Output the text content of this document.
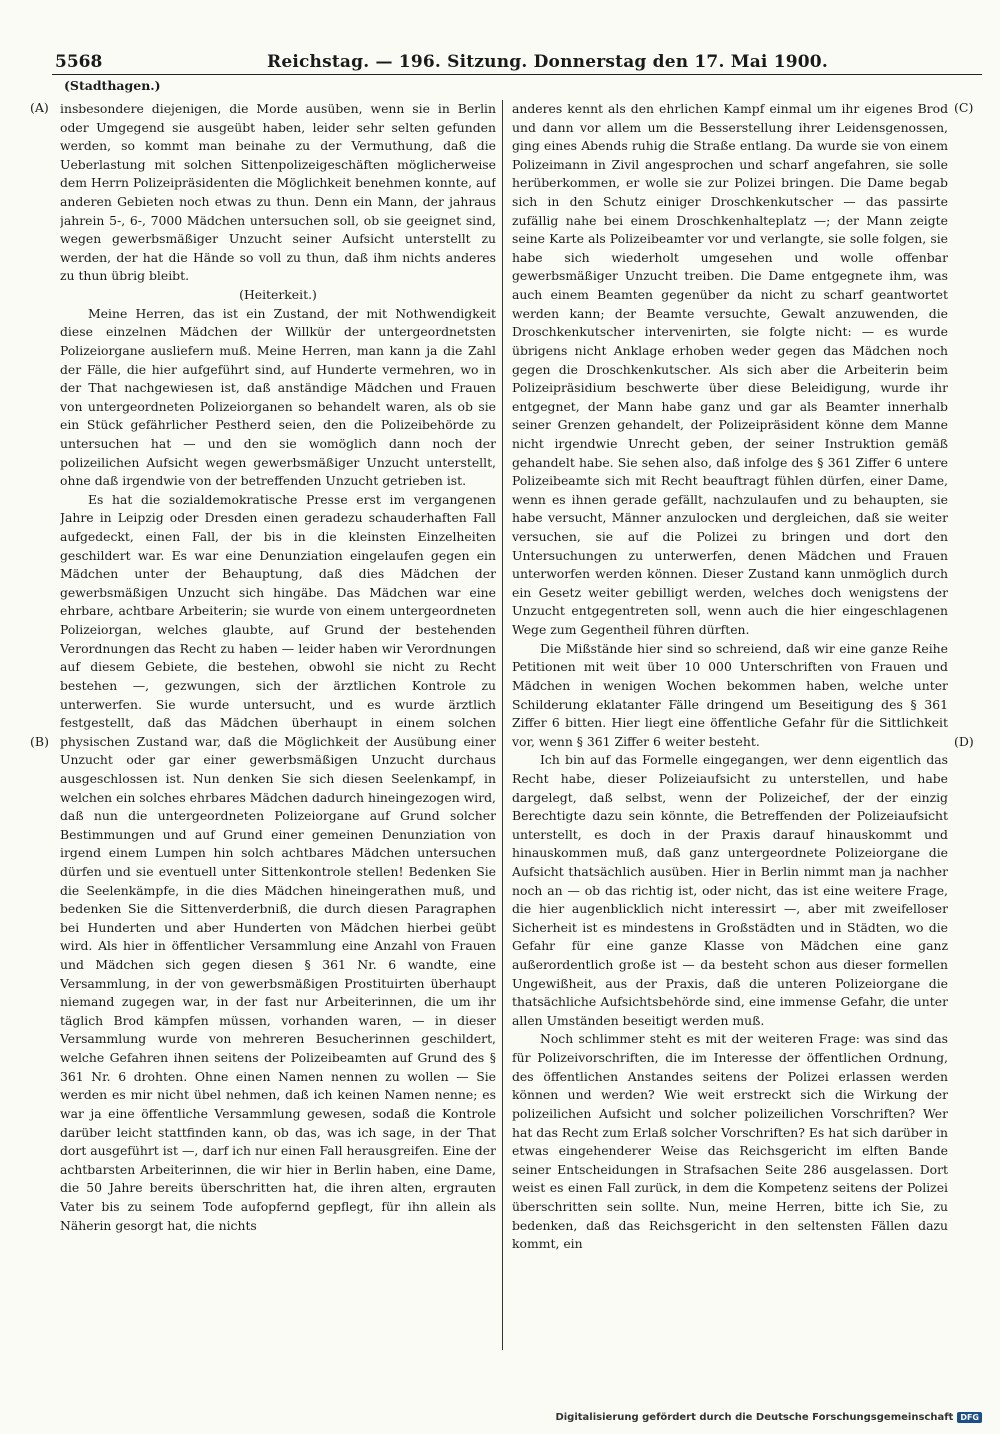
5568	Reichstag. — 196. Sitzung. Donnerstag den 17. Mai 1900.
(Stadthagen.)
(A)
(B)
(C)
(D)

insbesondere diejenigen, die Morde ausüben, wenn sie in Berlin oder Umgegend sie ausgeübt haben, leider sehr selten gefunden werden, so kommt man beinahe zu der Vermuthung, daß die Ueberlastung mit solchen Sittenpolizeigeschäften möglicherweise dem Herrn Polizeipräsidenten die Möglichkeit benehmen konnte, auf anderen Gebieten noch etwas zu thun. Denn ein Mann, der jahraus jahrein 5-, 6-, 7000 Mädchen untersuchen soll, ob sie geeignet sind, wegen gewerbsmäßiger Unzucht seiner Aufsicht unterstellt zu werden, der hat die Hände so voll zu thun, daß ihm nichts anderes zu thun übrig bleibt.

(Heiterkeit.)

Meine Herren, das ist ein Zustand, der mit Nothwendigkeit diese einzelnen Mädchen der Willkür der untergeordnetsten Polizeiorgane ausliefern muß. Meine Herren, man kann ja die Zahl der Fälle, die hier aufgeführt sind, auf Hunderte vermehren, wo in der That nachgewiesen ist, daß anständige Mädchen und Frauen von untergeordneten Polizeiorganen so behandelt waren, als ob sie ein Stück gefährlicher Pestherd seien, den die Polizeibehörde zu untersuchen hat — und den sie womöglich dann noch der polizeilichen Aufsicht wegen gewerbsmäßiger Unzucht unterstellt, ohne daß irgendwie von der betreffenden Unzucht getrieben ist.

Es hat die sozialdemokratische Presse erst im vergangenen Jahre in Leipzig oder Dresden einen geradezu schauderhaften Fall aufgedeckt, einen Fall, der bis in die kleinsten Einzelheiten geschildert war. Es war eine Denunziation eingelaufen gegen ein Mädchen unter der Behauptung, daß dies Mädchen der gewerbsmäßigen Unzucht sich hingäbe. Das Mädchen war eine ehrbare, achtbare Arbeiterin; sie wurde von einem untergeordneten Polizeiorgan, welches glaubte, auf Grund der bestehenden Verordnungen das Recht zu haben — leider haben wir Verordnungen auf diesem Gebiete, die bestehen, obwohl sie nicht zu Recht bestehen —, gezwungen, sich der ärztlichen Kontrole zu unterwerfen. Sie wurde untersucht, und es wurde ärztlich festgestellt, daß das Mädchen überhaupt in einem solchen physischen Zustand war, daß die Möglichkeit der Ausübung einer Unzucht oder gar einer gewerbsmäßigen Unzucht durchaus ausgeschlossen ist. Nun denken Sie sich diesen Seelenkampf, in welchen ein solches ehrbares Mädchen dadurch hineingezogen wird, daß nun die untergeordneten Polizeiorgane auf Grund solcher Bestimmungen und auf Grund einer gemeinen Denunziation von irgend einem Lumpen hin solch achtbares Mädchen untersuchen dürfen und sie eventuell unter Sittenkontrole stellen! Bedenken Sie die Seelenkämpfe, in die dies Mädchen hineingerathen muß, und bedenken Sie die Sittenverderbniß, die durch diesen Paragraphen bei Hunderten und aber Hunderten von Mädchen hierbei geübt wird. Als hier in öffentlicher Versammlung eine Anzahl von Frauen und Mädchen sich gegen diesen § 361 Nr. 6 wandte, eine Versammlung, in der von gewerbsmäßigen Prostituirten überhaupt niemand zugegen war, in der fast nur Arbeiterinnen, die um ihr täglich Brod kämpfen müssen, vorhanden waren, — in dieser Versammlung wurde von mehreren Besucherinnen geschildert, welche Gefahren ihnen seitens der Polizeibeamten auf Grund des § 361 Nr. 6 drohten. Ohne einen Namen nennen zu wollen — Sie werden es mir nicht übel nehmen, daß ich keinen Namen nenne; es war ja eine öffentliche Versammlung gewesen, sodaß die Kontrole darüber leicht stattfinden kann, ob das, was ich sage, in der That dort ausgeführt ist —, darf ich nur einen Fall herausgreifen. Eine der achtbarsten Arbeiterinnen, die wir hier in Berlin haben, eine Dame, die 50 Jahre bereits überschritten hat, die ihren alten, ergrauten Vater bis zu seinem Tode aufopfernd gepflegt, für ihn allein als Näherin gesorgt hat, die nichts

anderes kennt als den ehrlichen Kampf einmal um ihr eigenes Brod und dann vor allem um die Besserstellung ihrer Leidensgenossen, ging eines Abends ruhig die Straße entlang. Da wurde sie von einem Polizeimann in Zivil angesprochen und scharf angefahren, sie solle herüberkommen, er wolle sie zur Polizei bringen. Die Dame begab sich in den Schutz einiger Droschkenkutscher — das passirte zufällig nahe bei einem Droschkenhalteplatz —; der Mann zeigte seine Karte als Polizeibeamter vor und verlangte, sie solle folgen, sie habe sich wiederholt umgesehen und wolle offenbar gewerbsmäßiger Unzucht treiben. Die Dame entgegnete ihm, was auch einem Beamten gegenüber da nicht zu scharf geantwortet werden kann; der Beamte versuchte, Gewalt anzuwenden, die Droschkenkutscher intervenirten, sie folgte nicht: — es wurde übrigens nicht Anklage erhoben weder gegen das Mädchen noch gegen die Droschkenkutscher. Als sich aber die Arbeiterin beim Polizeipräsidium beschwerte über diese Beleidigung, wurde ihr entgegnet, der Mann habe ganz und gar als Beamter innerhalb seiner Grenzen gehandelt, der Polizeipräsident könne dem Manne nicht irgendwie Unrecht geben, der seiner Instruktion gemäß gehandelt habe. Sie sehen also, daß infolge des § 361 Ziffer 6 untere Polizeibeamte sich mit Recht beauftragt fühlen dürfen, einer Dame, wenn es ihnen gerade gefällt, nachzulaufen und zu behaupten, sie habe versucht, Männer anzulocken und dergleichen, daß sie weiter versuchen, sie auf die Polizei zu bringen und dort den Untersuchungen zu unterwerfen, denen Mädchen und Frauen unterworfen werden können. Dieser Zustand kann unmöglich durch ein Gesetz weiter gebilligt werden, welches doch wenigstens der Unzucht entgegentreten soll, wenn auch die hier eingeschlagenen Wege zum Gegentheil führen dürften.

Die Mißstände hier sind so schreiend, daß wir eine ganze Reihe Petitionen mit weit über 10 000 Unterschriften von Frauen und Mädchen in wenigen Wochen bekommen haben, welche unter Schilderung eklatanter Fälle dringend um Beseitigung des § 361 Ziffer 6 bitten. Hier liegt eine öffentliche Gefahr für die Sittlichkeit vor, wenn § 361 Ziffer 6 weiter besteht.

Ich bin auf das Formelle eingegangen, wer denn eigentlich das Recht habe, dieser Polizeiaufsicht zu unterstellen, und habe dargelegt, daß selbst, wenn der Polizeichef, der der einzig Berechtigte dazu sein könnte, die Betreffenden der Polizeiaufsicht unterstellt, es doch in der Praxis darauf hinauskommt und hinauskommen muß, daß ganz untergeordnete Polizeiorgane die Aufsicht thatsächlich ausüben. Hier in Berlin nimmt man ja nachher noch an — ob das richtig ist, oder nicht, das ist eine weitere Frage, die hier augenblicklich nicht interessirt —, aber mit zweifelloser Sicherheit ist es mindestens in Großstädten und in Städten, wo die Gefahr für eine ganze Klasse von Mädchen eine ganz außerordentlich große ist — da besteht schon aus dieser formellen Ungewißheit, aus der Praxis, daß die unteren Polizeiorgane die thatsächliche Aufsichtsbehörde sind, eine immense Gefahr, die unter allen Umständen beseitigt werden muß.

Noch schlimmer steht es mit der weiteren Frage: was sind das für Polizeivorschriften, die im Interesse der öffentlichen Ordnung, des öffentlichen Anstandes seitens der Polizei erlassen werden können und werden? Wie weit erstreckt sich die Wirkung der polizeilichen Aufsicht und solcher polizeilichen Vorschriften? Wer hat das Recht zum Erlaß solcher Vorschriften? Es hat sich darüber in etwas eingehenderer Weise das Reichsgericht im elften Bande seiner Entscheidungen in Strafsachen Seite 286 ausgelassen. Dort weist es einen Fall zurück, in dem die Kompetenz seitens der Polizei überschritten sein sollte. Nun, meine Herren, bitte ich Sie, zu bedenken, daß das Reichsgericht in den seltensten Fällen dazu kommt, ein

Digitalisierung gefördert durch die Deutsche Forschungsgemeinschaft DFG
